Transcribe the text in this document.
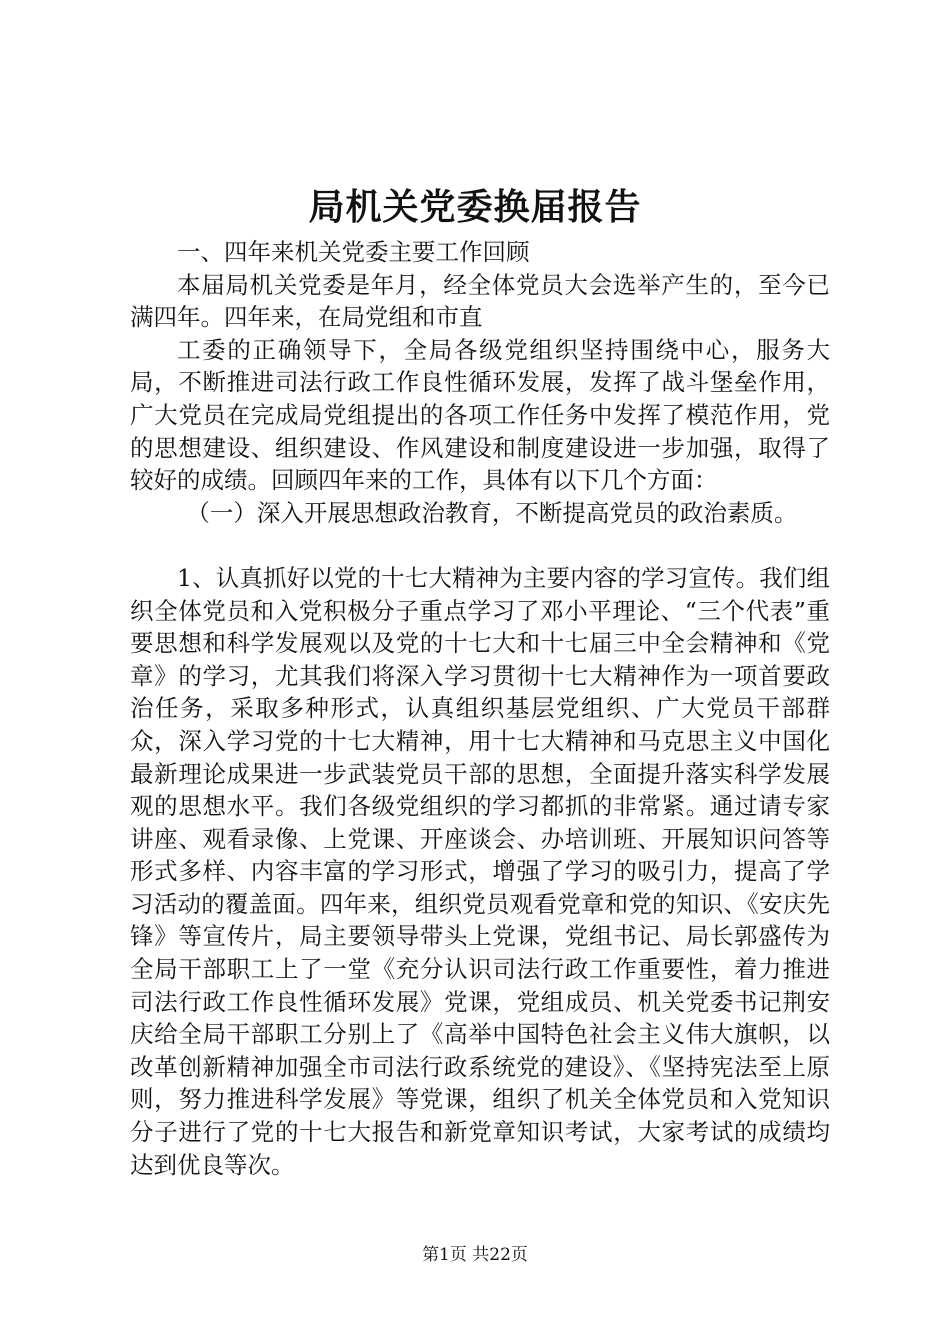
局机关党委换届报告

一、四年来机关党委主要工作回顾

本届局机关党委是年月，经全体党员大会选举产生的，至今已满四年。四年来，在局党组和市直

工委的正确领导下，全局各级党组织坚持围绕中心，服务大局，不断推进司法行政工作良性循环发展，发挥了战斗堡垒作用，广大党员在完成局党组提出的各项工作任务中发挥了模范作用，党的思想建设、组织建设、作风建设和制度建设进一步加强，取得了较好的成绩。回顾四年来的工作，具体有以下几个方面：

（一）深入开展思想政治教育，不断提高党员的政治素质。

1、认真抓好以党的十七大精神为主要内容的学习宣传。我们组织全体党员和入党积极分子重点学习了邓小平理论、“三个代表”重要思想和科学发展观以及党的十七大和十七届三中全会精神和《党章》的学习，尤其我们将深入学习贯彻十七大精神作为一项首要政治任务，采取多种形式，认真组织基层党组织、广大党员干部群众，深入学习党的十七大精神，用十七大精神和马克思主义中国化最新理论成果进一步武装党员干部的思想，全面提升落实科学发展观的思想水平。我们各级党组织的学习都抓的非常紧。通过请专家讲座、观看录像、上党课、开座谈会、办培训班、开展知识问答等形式多样、内容丰富的学习形式，增强了学习的吸引力，提高了学习活动的覆盖面。四年来，组织党员观看党章和党的知识、《安庆先锋》等宣传片，局主要领导带头上党课，党组书记、局长郭盛传为全局干部职工上了一堂《充分认识司法行政工作重要性，着力推进司法行政工作良性循环发展》党课，党组成员、机关党委书记荆安庆给全局干部职工分别上了《高举中国特色社会主义伟大旗帜，以改革创新精神加强全市司法行政系统党的建设》、《坚持宪法至上原则，努力推进科学发展》等党课，组织了机关全体党员和入党知识分子进行了党的十七大报告和新党章知识考试，大家考试的成绩均达到优良等次。

第1页 共22页
